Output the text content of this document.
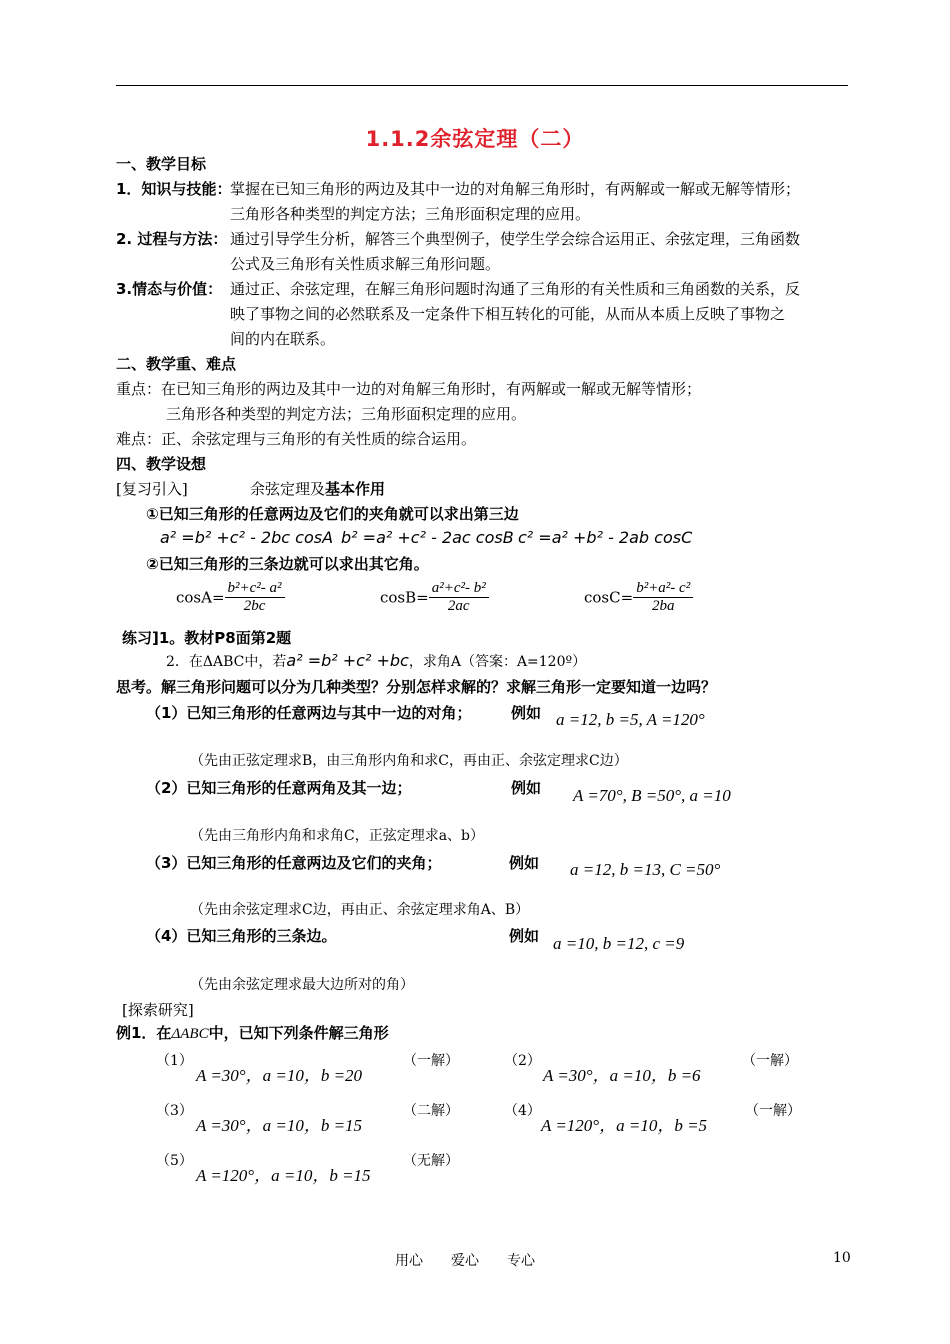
1.1.2余弦定理（二）
一、教学目标
1．知识与技能：
掌握在已知三角形的两边及其中一边的对角解三角形时，有两解或一解或无解等情形；
三角形各种类型的判定方法；三角形面积定理的应用。
2. 过程与方法： 通过引导学生分析，解答三个典型例子，使学生学会综合运用正、余弦定理，三角函数
公式及三角形有关性质求解三角形问题。
3.情态与价值： 通过正、余弦定理，在解三角形问题时沟通了三角形的有关性质和三角函数的关系，反
映了事物之间的必然联系及一定条件下相互转化的可能，从而从本质上反映了事物之
间的内在联系。
二、教学重、难点
重点：在已知三角形的两边及其中一边的对角解三角形时，有两解或一解或无解等情形；
三角形各种类型的判定方法；三角形面积定理的应用。
难点：正、余弦定理与三角形的有关性质的综合运用。
四、教学设想
[复习引入]	余弦定理及基本作用
①已知三角形的任意两边及它们的夹角就可以求出第三边
a² =b² +c² - 2bc cosA b² =a² +c² - 2ac cosB c² =a² +b² - 2ab cosC
②已知三角形的三条边就可以求出其它角。
$\cos A= \frac{\text{b²+c²- a²}}{2bc}$	$\cos B= \frac{\text{a²+c²- b²}}{2ac}$	$\cos C= \frac{\text{b²+a²- c²}}{2ba}$
练习]1。教材P8面第2题
2．在ΔABC中，若a² =b² +c² +bc，求角A（答案：A=120º）
思考。解三角形问题可以分为几种类型？分别怎样求解的？求解三角形一定要知道一边吗？
（1）已知三角形的任意两边与其中一边的对角；	例如 a =12, b =5, A =120°
（先由正弦定理求B，由三角形内角和求C，再由正、余弦定理求C边）
（2）已知三角形的任意两角及其一边；	例如 A =70°, B =50°, a =10
（先由三角形内角和求角C，正弦定理求a、b）
（3）已知三角形的任意两边及它们的夹角；	例如 a =12, b =13, C =50°
（先由余弦定理求C边，再由正、余弦定理求角A、B）
（4）已知三角形的三条边。	例如 a =10, b =12, c =9
（先由余弦定理求最大边所对的角）
[探索研究]
例1．在ΔABC中，已知下列条件解三角形
（1）
A =30°，a =10，b =20
（一解）	（2）
A =30°，a =10，b =6
（一解）
（3）
A =30°，a =10，b =15
（二解）	（4）
A =120°，a =10，b =5
（一解）
（5）
A =120°，a =10，b =15
（无解）
用心　　爱心　　专心	10
